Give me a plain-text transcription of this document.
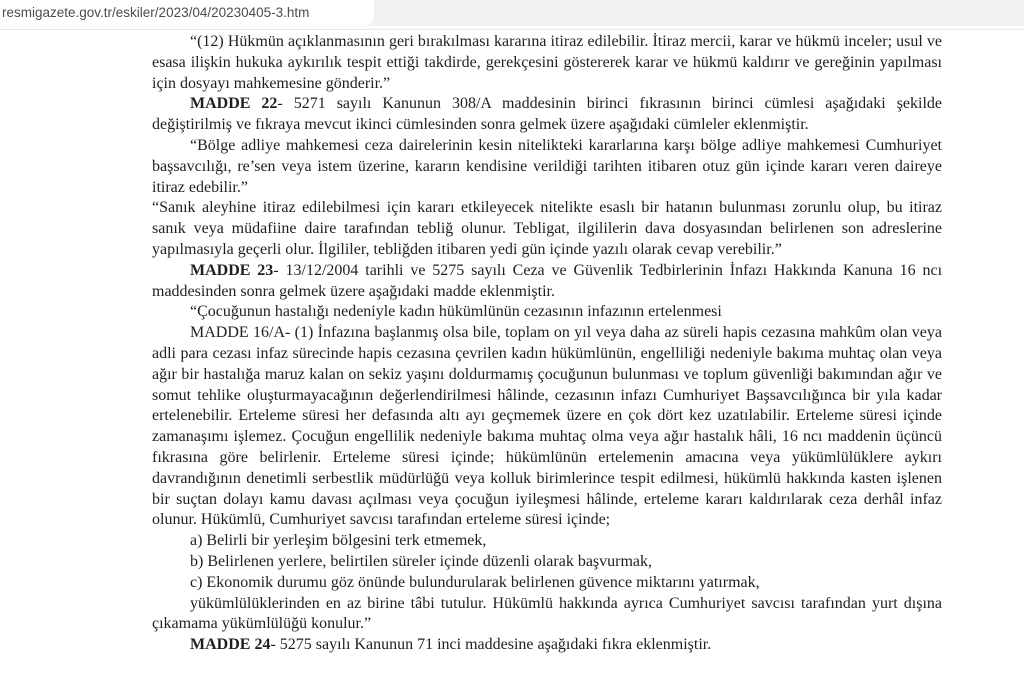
resmigazete.gov.tr/eskiler/2023/04/20230405-3.htm

“(12) Hükmün açıklanmasının geri bırakılması kararına itiraz edilebilir. İtiraz mercii, karar ve hükmü inceler; usul ve esasa ilişkin hukuka aykırılık tespit ettiği takdirde, gerekçesini göstererek karar ve hükmü kaldırır ve gereğinin yapılması için dosyayı mahkemesine gönderir.”

MADDE 22- 5271 sayılı Kanunun 308/A maddesinin birinci fıkrasının birinci cümlesi aşağıdaki şekilde değiştirilmiş ve fıkraya mevcut ikinci cümlesinden sonra gelmek üzere aşağıdaki cümleler eklenmiştir.

“Bölge adliye mahkemesi ceza dairelerinin kesin nitelikteki kararlarına karşı bölge adliye mahkemesi Cumhuriyet başsavcılığı, re’sen veya istem üzerine, kararın kendisine verildiği tarihten itibaren otuz gün içinde kararı veren daireye itiraz edebilir.”

“Sanık aleyhine itiraz edilebilmesi için kararı etkileyecek nitelikte esaslı bir hatanın bulunması zorunlu olup, bu itiraz sanık veya müdafiine daire tarafından tebliğ olunur. Tebligat, ilgililerin dava dosyasından belirlenen son adreslerine yapılmasıyla geçerli olur. İlgililer, tebliğden itibaren yedi gün içinde yazılı olarak cevap verebilir.”

MADDE 23- 13/12/2004 tarihli ve 5275 sayılı Ceza ve Güvenlik Tedbirlerinin İnfazı Hakkında Kanuna 16 ncı maddesinden sonra gelmek üzere aşağıdaki madde eklenmiştir.

“Çocuğunun hastalığı nedeniyle kadın hükümlünün cezasının infazının ertelenmesi

MADDE 16/A- (1) İnfazına başlanmış olsa bile, toplam on yıl veya daha az süreli hapis cezasına mahkûm olan veya adli para cezası infaz sürecinde hapis cezasına çevrilen kadın hükümlünün, engelliliği nedeniyle bakıma muhtaç olan veya ağır bir hastalığa maruz kalan on sekiz yaşını doldurmamış çocuğunun bulunması ve toplum güvenliği bakımından ağır ve somut tehlike oluşturmayacağının değerlendirilmesi hâlinde, cezasının infazı Cumhuriyet Başsavcılığınca bir yıla kadar ertelenebilir. Erteleme süresi her defasında altı ayı geçmemek üzere en çok dört kez uzatılabilir. Erteleme süresi içinde zamanaşımı işlemez. Çocuğun engellilik nedeniyle bakıma muhtaç olma veya ağır hastalık hâli, 16 ncı maddenin üçüncü fıkrasına göre belirlenir. Erteleme süresi içinde; hükümlünün ertelemenin amacına veya yükümlülüklere aykırı davrandığının denetimli serbestlik müdürlüğü veya kolluk birimlerince tespit edilmesi, hükümlü hakkında kasten işlenen bir suçtan dolayı kamu davası açılması veya çocuğun iyileşmesi hâlinde, erteleme kararı kaldırılarak ceza derhâl infaz olunur. Hükümlü, Cumhuriyet savcısı tarafından erteleme süresi içinde;

a) Belirli bir yerleşim bölgesini terk etmemek,

b) Belirlenen yerlere, belirtilen süreler içinde düzenli olarak başvurmak,

c) Ekonomik durumu göz önünde bulundurularak belirlenen güvence miktarını yatırmak,

yükümlülüklerinden en az birine tâbi tutulur. Hükümlü hakkında ayrıca Cumhuriyet savcısı tarafından yurt dışına çıkamama yükümlülüğü konulur.”

MADDE 24- 5275 sayılı Kanunun 71 inci maddesine aşağıdaki fıkra eklenmiştir.
